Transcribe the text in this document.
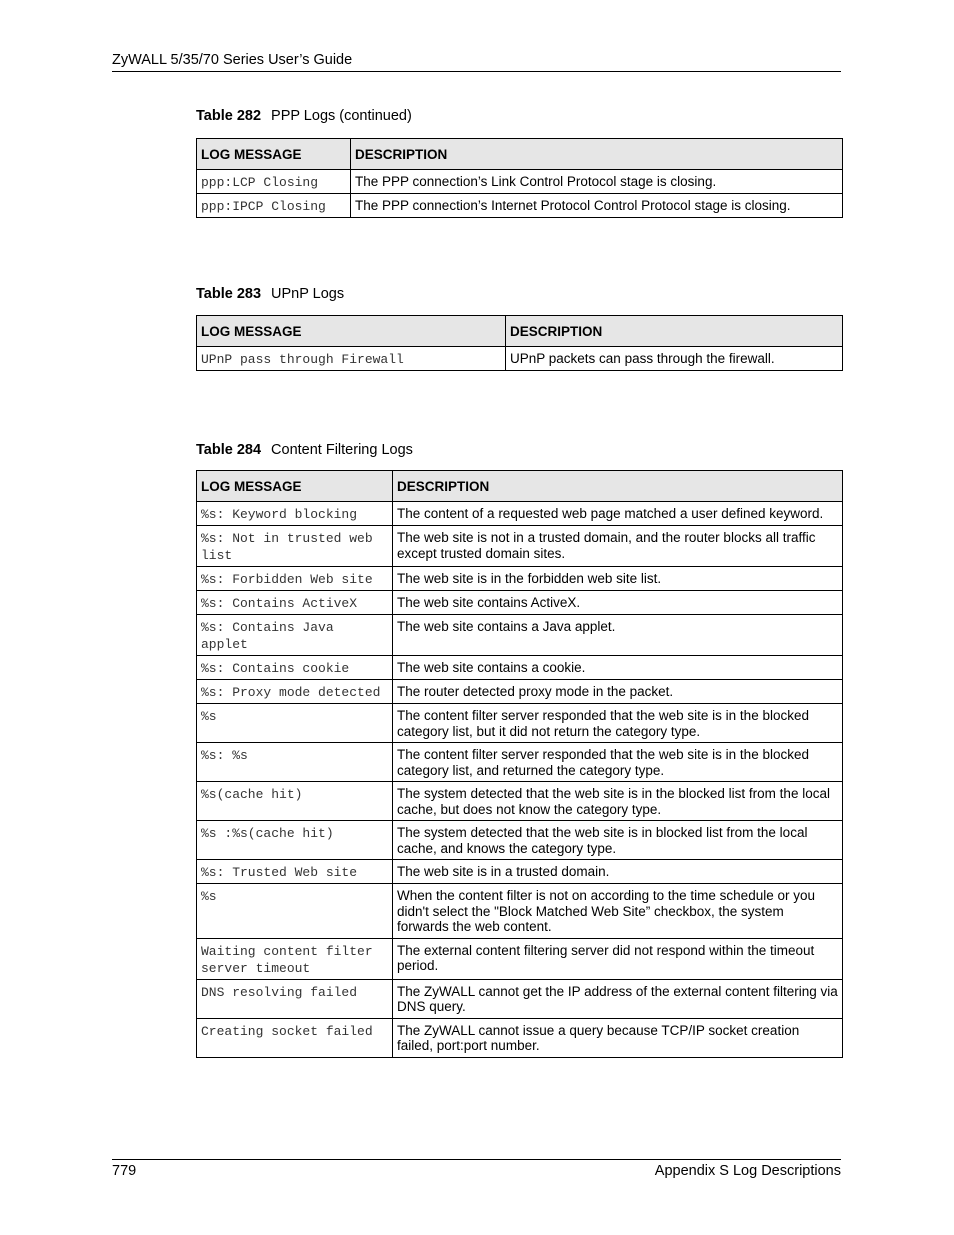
ZyWALL 5/35/70 Series User’s Guide
Table 282 PPP Logs (continued)
LOG MESSAGE	DESCRIPTION
ppp:LCP Closing	The PPP connection’s Link Control Protocol stage is closing.
ppp:IPCP Closing	The PPP connection’s Internet Protocol Control Protocol stage is closing.
Table 283 UPnP Logs
LOG MESSAGE	DESCRIPTION
UPnP pass through Firewall	UPnP packets can pass through the firewall.
Table 284 Content Filtering Logs
LOG MESSAGE	DESCRIPTION
%s: Keyword blocking	The content of a requested web page matched a user defined keyword.
%s: Not in trusted web list	The web site is not in a trusted domain, and the router blocks all traffic except trusted domain sites.
%s: Forbidden Web site	The web site is in the forbidden web site list.
%s: Contains ActiveX	The web site contains ActiveX.
%s: Contains Java applet	The web site contains a Java applet.
%s: Contains cookie	The web site contains a cookie.
%s: Proxy mode detected	The router detected proxy mode in the packet.
%s	The content filter server responded that the web site is in the blocked category list, but it did not return the category type.
%s: %s	The content filter server responded that the web site is in the blocked category list, and returned the category type.
%s(cache hit)	The system detected that the web site is in the blocked list from the local cache, but does not know the category type.
%s :%s(cache hit)	The system detected that the web site is in blocked list from the local cache, and knows the category type.
%s: Trusted Web site	The web site is in a trusted domain.
%s	When the content filter is not on according to the time schedule or you didn't select the "Block Matched Web Site” checkbox, the system forwards the web content.
Waiting content filter server timeout	The external content filtering server did not respond within the timeout period.
DNS resolving failed	The ZyWALL cannot get the IP address of the external content filtering via DNS query.
Creating socket failed	The ZyWALL cannot issue a query because TCP/IP socket creation failed, port:port number.
779	Appendix S Log Descriptions
